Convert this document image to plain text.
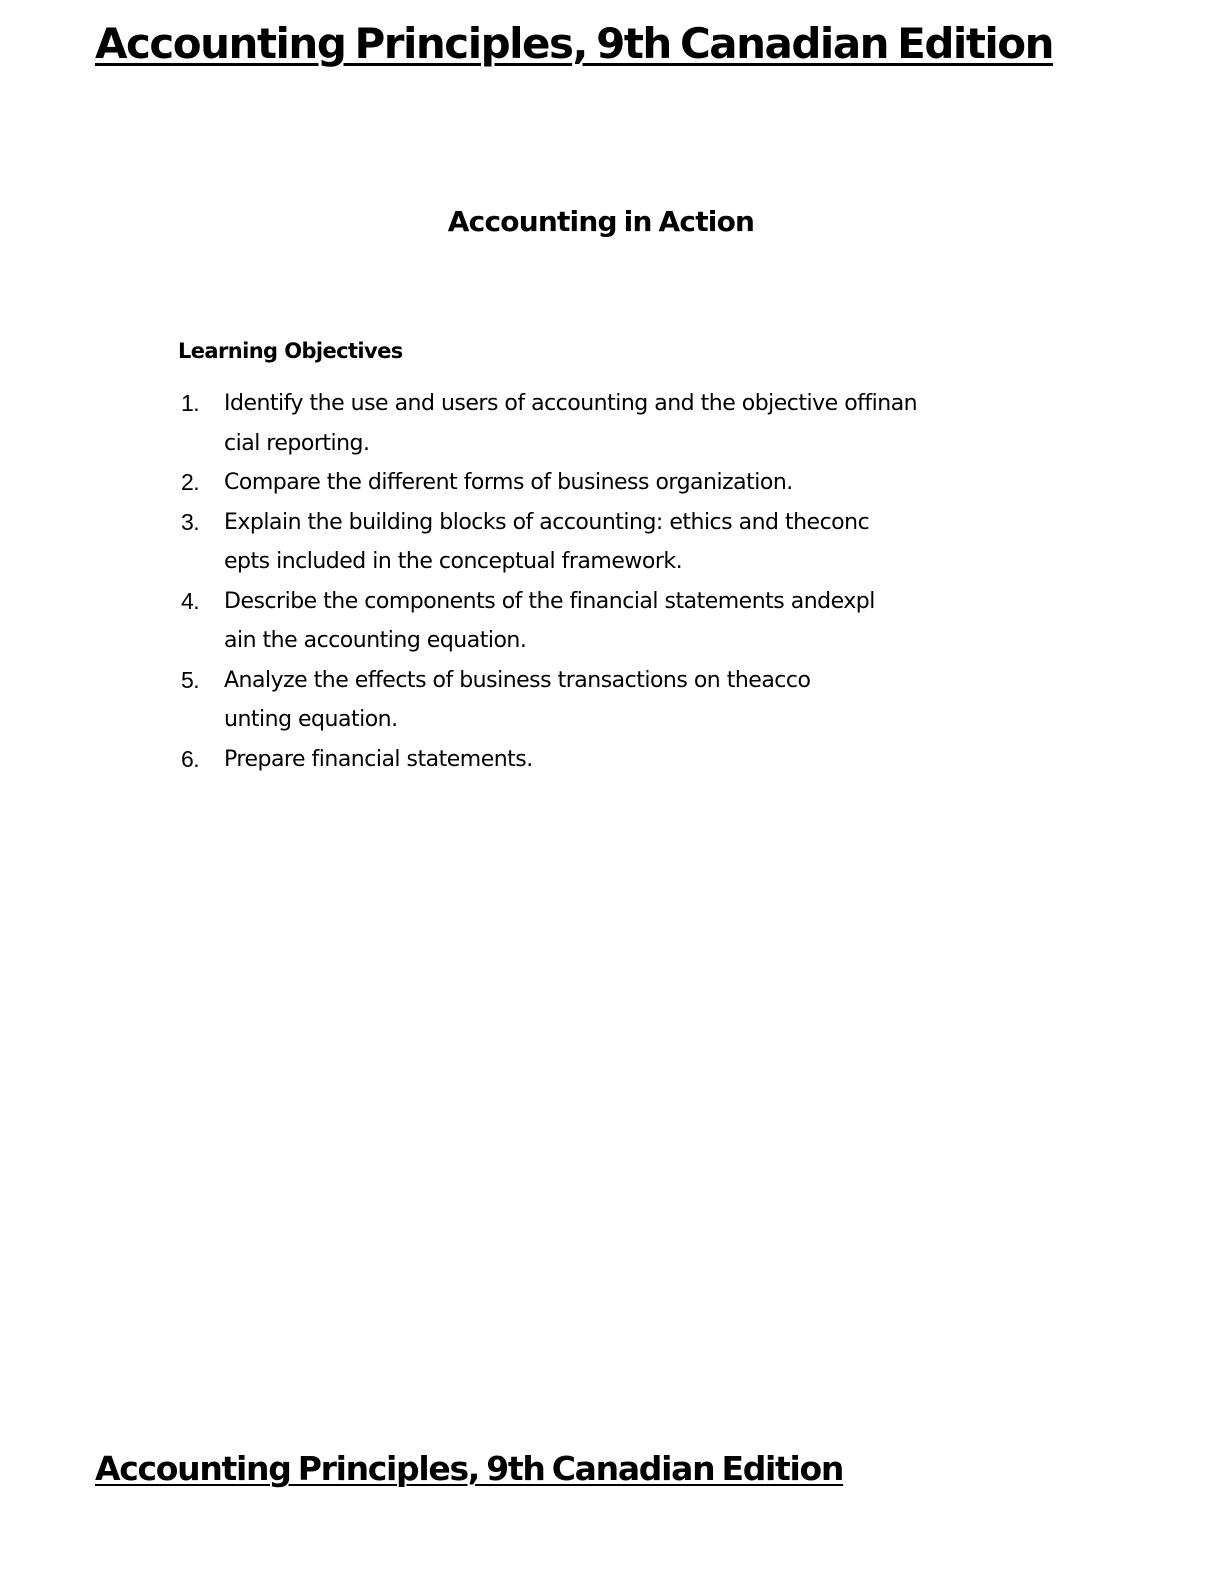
Accounting Principles, 9th Canadian Edition
Accounting in Action
Learning Objectives
1. Identify the use and users of accounting and the objective offinan
cial reporting.
2. Compare the different forms of business organization.
3. Explain the building blocks of accounting: ethics and theconc
epts included in the conceptual framework.
4. Describe the components of the financial statements andexpl
ain the accounting equation.
5. Analyze the effects of business transactions on theacco
unting equation.
6. Prepare financial statements.
Accounting Principles, 9th Canadian Edition
